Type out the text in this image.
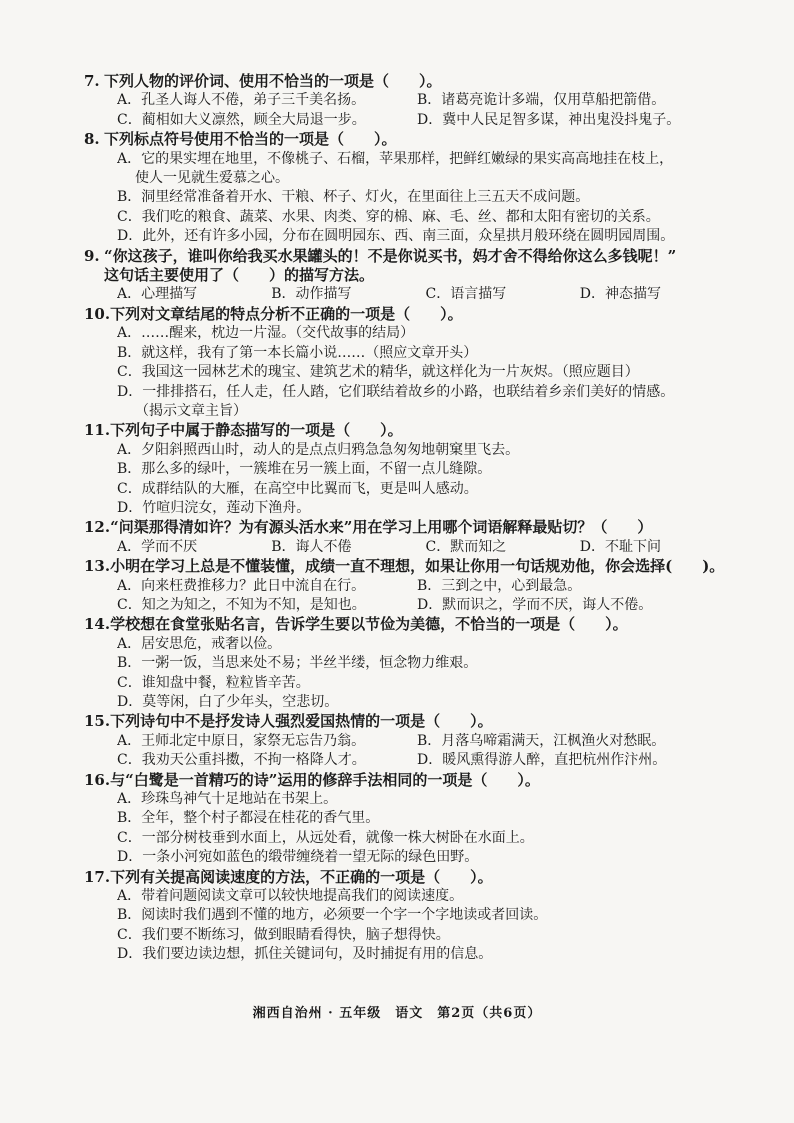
7. 下列人物的评价词、使用不恰当的一项是（　　）。
A．孔圣人诲人不倦，弟子三千美名扬。	B．诸葛亮诡计多端，仅用草船把箭借。
C．蔺相如大义凛然，顾全大局退一步。	D．冀中人民足智多谋，神出鬼没抖鬼子。
8. 下列标点符号使用不恰当的一项是（　　）。
A．它的果实埋在地里，不像桃子、石榴，苹果那样，把鲜红嫩绿的果实高高地挂在枝上，
使人一见就生爱慕之心。
B．洞里经常准备着开水、干粮、杯子、灯火，在里面往上三五天不成问题。
C．我们吃的粮食、蔬菜、水果、肉类、穿的棉、麻、毛、丝、都和太阳有密切的关系。
D．此外，还有许多小园，分布在圆明园东、西、南三面，众星拱月般环绕在圆明园周围。
9. “你这孩子，谁叫你给我买水果罐头的！不是你说买书，妈才舍不得给你这么多钱呢！”
这句话主要使用了（　　）的描写方法。
A．心理描写	B．动作描写	C．语言描写	D．神态描写
10.下列对文章结尾的特点分析不正确的一项是（　　）。
A．……醒来，枕边一片湿。（交代故事的结局）
B．就这样，我有了第一本长篇小说……（照应文章开头）
C．我国这一园林艺术的瑰宝、建筑艺术的精华，就这样化为一片灰烬。（照应题目）
D．一排排搭石，任人走，任人踏，它们联结着故乡的小路，也联结着乡亲们美好的情感。
（揭示文章主旨）
11.下列句子中属于静态描写的一项是（　　）。
A．夕阳斜照西山时，动人的是点点归鸦急急匆匆地朝窠里飞去。
B．那么多的绿叶，一簇堆在另一簇上面，不留一点儿缝隙。
C．成群结队的大雁，在高空中比翼而飞，更是叫人感动。
D．竹喧归浣女，莲动下渔舟。
12.“问渠那得清如许？为有源头活水来”用在学习上用哪个词语解释最贴切？（　　）
A．学而不厌	B．诲人不倦	C．默而知之	D．不耻下问
13.小明在学习上总是不懂装懂，成绩一直不理想，如果让你用一句话规劝他，你会选择(　　)。
A．向来枉费推移力？此日中流自在行。	B．三到之中，心到最急。
C．知之为知之，不知为不知，是知也。	D．默而识之，学而不厌，诲人不倦。
14.学校想在食堂张贴名言，告诉学生要以节俭为美德，不恰当的一项是（　　）。
A．居安思危，戒奢以俭。
B．一粥一饭，当思来处不易；半丝半缕，恒念物力维艰。
C．谁知盘中餐，粒粒皆辛苦。
D．莫等闲，白了少年头，空悲切。
15.下列诗句中不是抒发诗人强烈爱国热情的一项是（　　）。
A．王师北定中原日，家祭无忘告乃翁。	B．月落乌啼霜满天，江枫渔火对愁眠。
C．我劝天公重抖擞，不拘一格降人才。	D．暖风熏得游人醉，直把杭州作汴州。
16.与“白鹭是一首精巧的诗”运用的修辞手法相同的一项是（　　）。
A．珍珠鸟神气十足地站在书架上。
B．全年，整个村子都浸在桂花的香气里。
C．一部分树枝垂到水面上，从远处看，就像一株大树卧在水面上。
D．一条小河宛如蓝色的缎带缠绕着一望无际的绿色田野。
17.下列有关提高阅读速度的方法，不正确的一项是（　　）。
A．带着问题阅读文章可以较快地提高我们的阅读速度。
B．阅读时我们遇到不懂的地方，必须要一个字一个字地读或者回读。
C．我们要不断练习，做到眼睛看得快，脑子想得快。
D．我们要边读边想，抓住关键词句，及时捕捉有用的信息。
湘西自治州 · 五年级　语文　第2页（共6页）
